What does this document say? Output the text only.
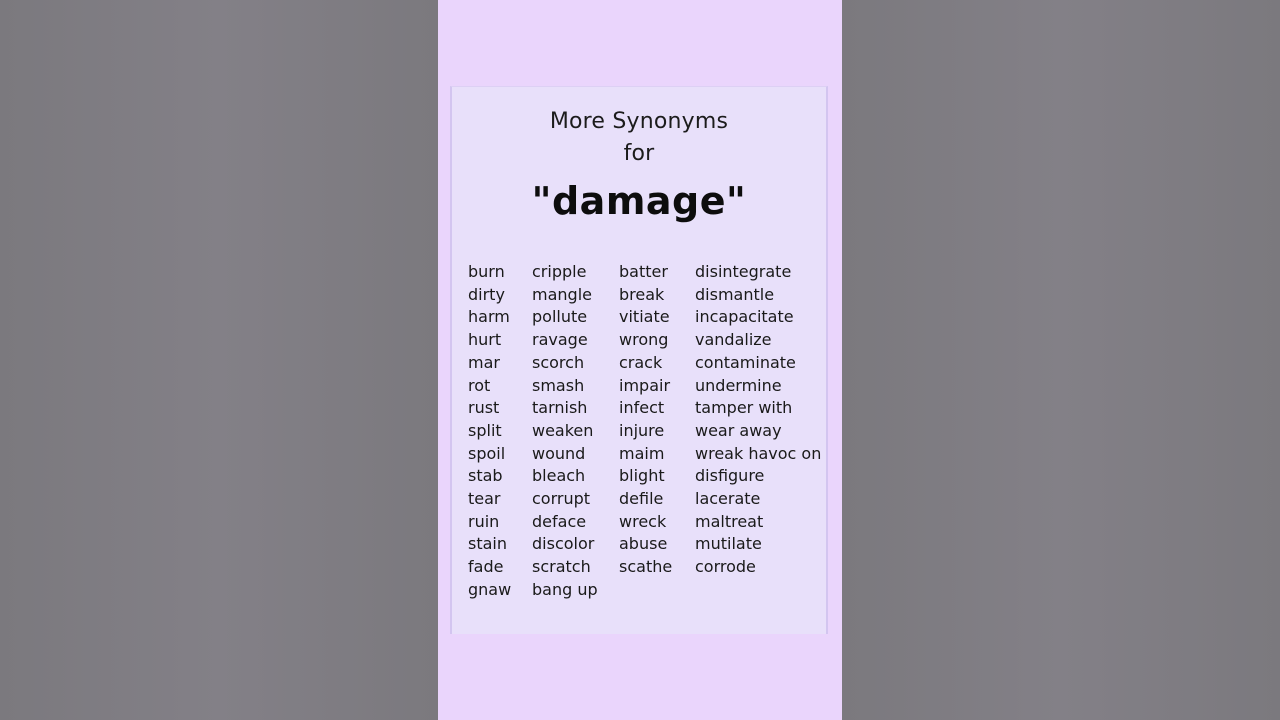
More Synonyms
for
"damage"
burn
dirty
harm
hurt
mar
rot
rust
split
spoil
stab
tear
ruin
stain
fade
gnaw
cripple
mangle
pollute
ravage
scorch
smash
tarnish
weaken
wound
bleach
corrupt
deface
discolor
scratch
bang up
batter
break
vitiate
wrong
crack
impair
infect
injure
maim
blight
defile
wreck
abuse
scathe
disintegrate
dismantle
incapacitate
vandalize
contaminate
undermine
tamper with
wear away
wreak havoc on
disfigure
lacerate
maltreat
mutilate
corrode
